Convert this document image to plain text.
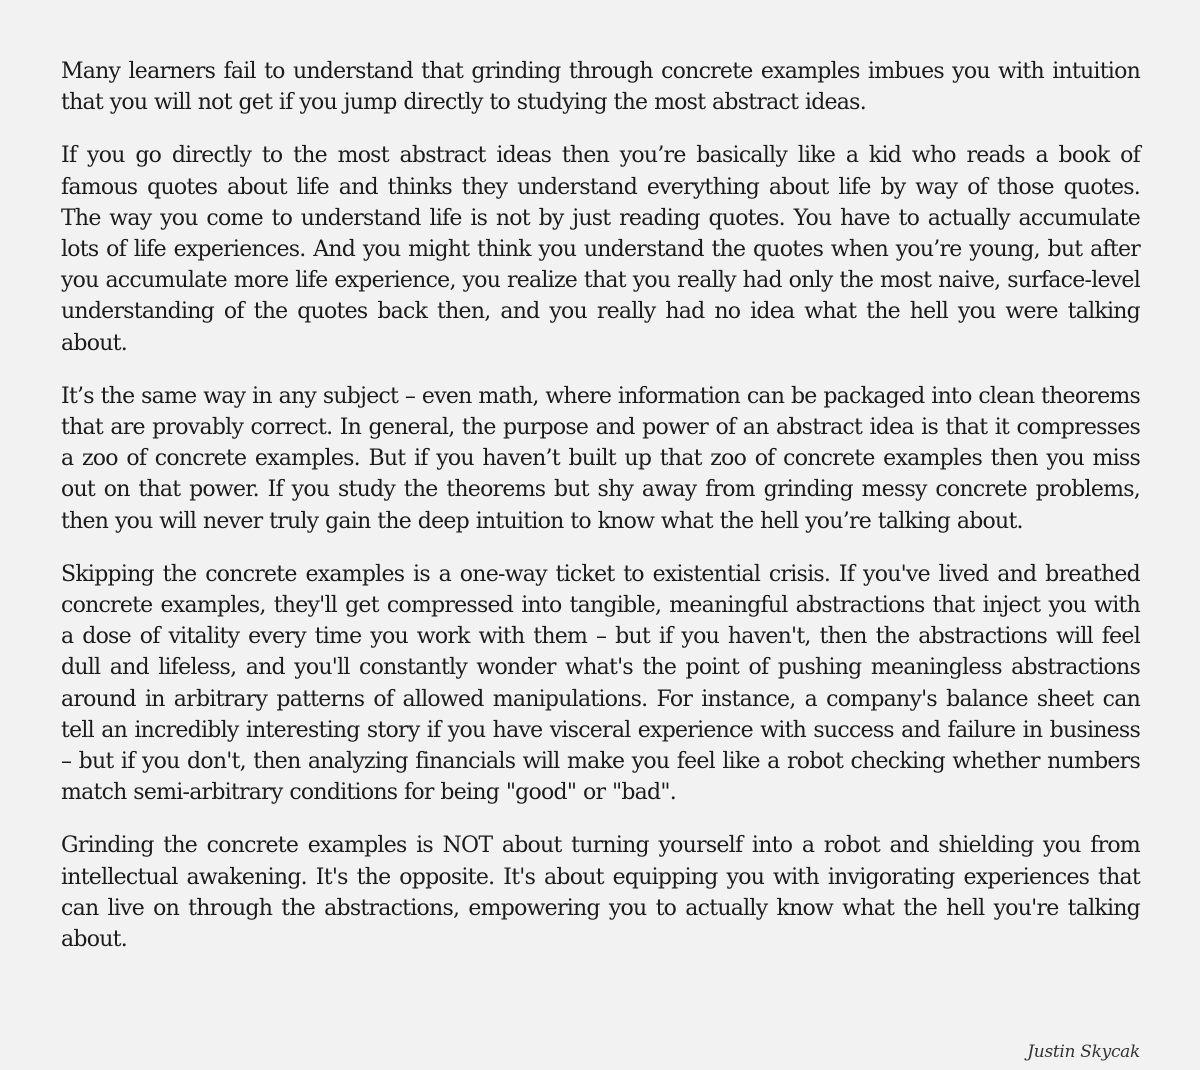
Many learners fail to understand that grinding through concrete examples imbues you with intuition that you will not get if you jump directly to studying the most abstract ideas.

If you go directly to the most abstract ideas then you’re basically like a kid who reads a book of famous quotes about life and thinks they understand everything about life by way of those quotes. The way you come to understand life is not by just reading quotes. You have to actually accumulate lots of life experiences. And you might think you understand the quotes when you’re young, but after you accumulate more life experience, you realize that you really had only the most naive, surface-level understanding of the quotes back then, and you really had no idea what the hell you were talking about.

It’s the same way in any subject – even math, where information can be packaged into clean theorems that are provably correct. In general, the purpose and power of an abstract idea is that it compresses a zoo of concrete examples. But if you haven’t built up that zoo of concrete examples then you miss out on that power. If you study the theorems but shy away from grinding messy concrete problems, then you will never truly gain the deep intuition to know what the hell you’re talking about.

Skipping the concrete examples is a one-way ticket to existential crisis. If you've lived and breathed concrete examples, they'll get compressed into tangible, meaningful abstractions that inject you with a dose of vitality every time you work with them – but if you haven't, then the abstractions will feel dull and lifeless, and you'll constantly wonder what's the point of pushing meaningless abstractions around in arbitrary patterns of allowed manipulations. For instance, a company's balance sheet can tell an incredibly interesting story if you have visceral experience with success and failure in business – but if you don't, then analyzing financials will make you feel like a robot checking whether numbers match semi-arbitrary conditions for being "good" or "bad".

Grinding the concrete examples is NOT about turning yourself into a robot and shielding you from intellectual awakening. It's the opposite. It's about equipping you with invigorating experiences that can live on through the abstractions, empowering you to actually know what the hell you're talking about.

Justin Skycak
